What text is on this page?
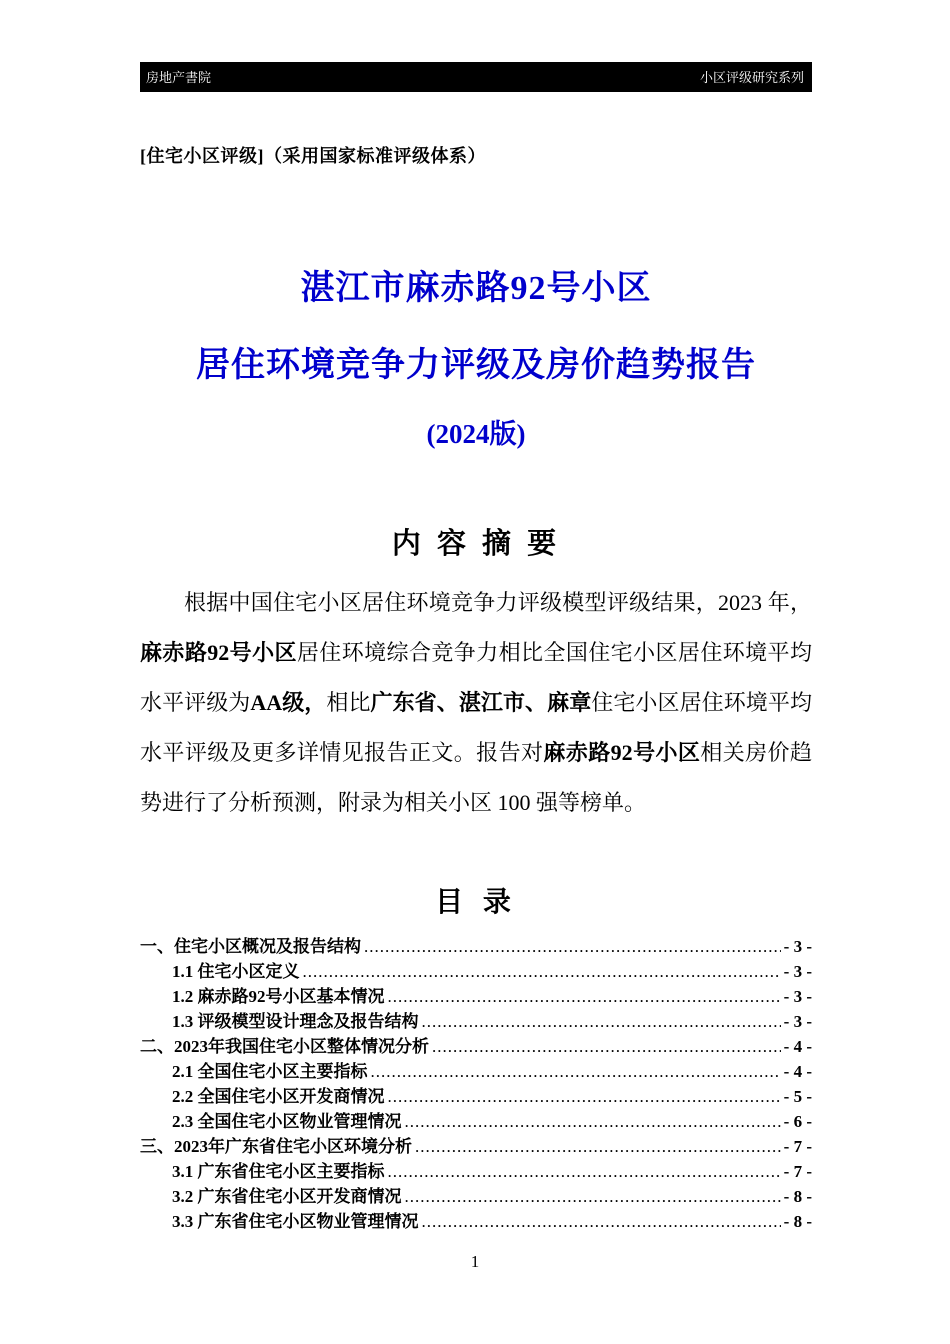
房地产書院	小区评级研究系列
[住宅小区评级]（采用国家标准评级体系）
湛江市麻赤路92号小区
居住环境竞争力评级及房价趋势报告
(2024版)
内 容 摘 要

根据中国住宅小区居住环境竞争力评级模型评级结果，2023 年，麻赤路92号小区居住环境综合竞争力相比全国住宅小区居住环境平均水平评级为AA级，相比广东省、湛江市、麻章住宅小区居住环境平均水平评级及更多详情见报告正文。报告对麻赤路92号小区相关房价趋势进行了分析预测，附录为相关小区 100 强等榜单。

目 录
一、住宅小区概况及报告结构 .....	- 3 -
1.1 住宅小区定义 .....	- 3 -
1.2 麻赤路92号小区基本情况 .....	- 3 -
1.3 评级模型设计理念及报告结构 .....	- 3 -
二、2023年我国住宅小区整体情况分析 .....	- 4 -
2.1 全国住宅小区主要指标 .....	- 4 -
2.2 全国住宅小区开发商情况 .....	- 5 -
2.3 全国住宅小区物业管理情况 .....	- 6 -
三、2023年广东省住宅小区环境分析 .....	- 7 -
3.1 广东省住宅小区主要指标 .....	- 7 -
3.2 广东省住宅小区开发商情况 .....	- 8 -
3.3 广东省住宅小区物业管理情况 .....	- 8 -
1
